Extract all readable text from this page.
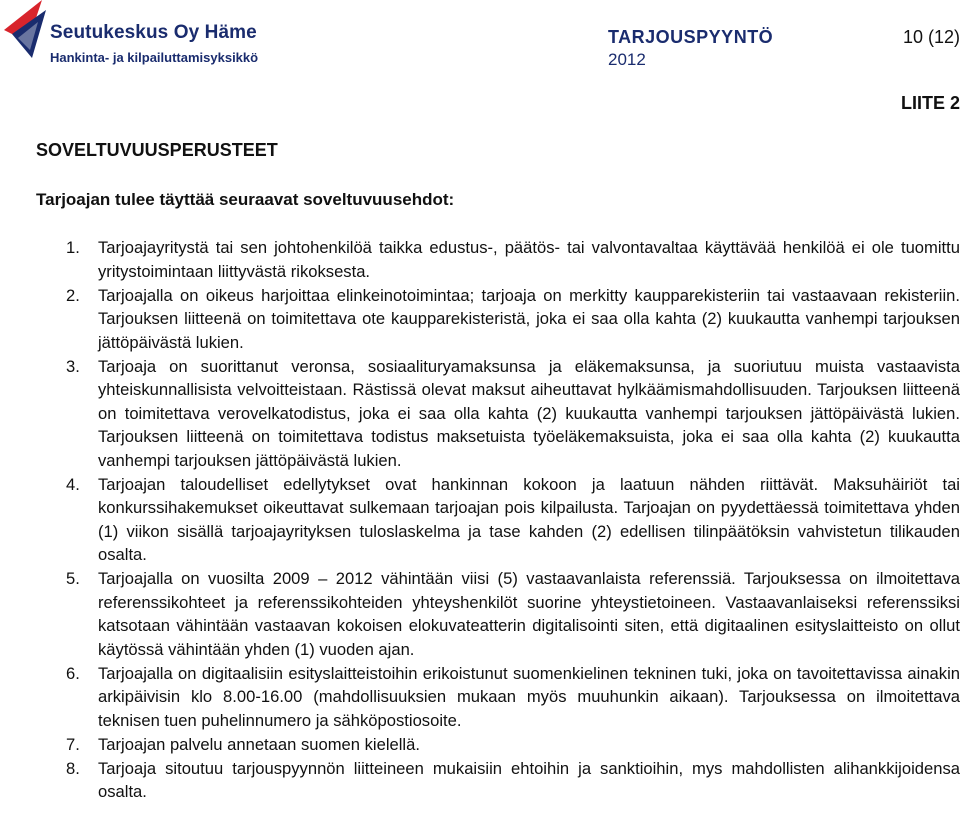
Seutukeskus Oy Häme
Hankinta- ja kilpailuttamisyksikkö
TARJOUSPYYNTÖ
2012
10 (12)
LIITE 2
SOVELTUVUUSPERUSTEET
Tarjoajan tulee täyttää seuraavat soveltuvuusehdot:
1. Tarjoajayritystä tai sen johtohenkilöä taikka edustus-, päätös- tai valvontavaltaa käyttävää henkilöä ei ole tuomittu yritystoimintaan liittyvästä rikoksesta.
2. Tarjoajalla on oikeus harjoittaa elinkeinotoimintaa; tarjoaja on merkitty kaupparekisteriin tai vastaavaan rekisteriin. Tarjouksen liitteenä on toimitettava ote kaupparekisteristä, joka ei saa olla kahta (2) kuukautta vanhempi tarjouksen jättöpäivästä lukien.
3. Tarjoaja on suorittanut veronsa, sosiaalituryamaksunsa ja eläkemaksunsa, ja suoriutuu muista vastaavista yhteiskunnallisista velvoitteistaan. Rästissä olevat maksut aiheuttavat hylkäämismahdollisuuden. Tarjouksen liitteenä on toimitettava verovelkatodistus, joka ei saa olla kahta (2) kuukautta vanhempi tarjouksen jättöpäivästä lukien. Tarjouksen liitteenä on toimitettava todistus maksetuista työeläkemaksuista, joka ei saa olla kahta (2) kuukautta vanhempi tarjouksen jättöpäivästä lukien.
4. Tarjoajan taloudelliset edellytykset ovat hankinnan kokoon ja laatuun nähden riittävät. Maksuhäiriöt tai konkurssihakemukset oikeuttavat sulkemaan tarjoajan pois kilpailusta. Tarjoajan on pyydettäessä toimitettava yhden (1) viikon sisällä tarjoajayrityksen tuloslaskelma ja tase kahden (2) edellisen tilinpäätöksin vahvistetun tilikauden osalta.
5. Tarjoajalla on vuosilta 2009 – 2012 vähintään viisi (5) vastaavanlaista referenssiä. Tarjouksessa on ilmoitettava referenssikohteet ja referenssikohteiden yhteyshenkilöt suorine yhteystietoineen. Vastaavanlaiseksi referenssiksi katsotaan vähintään vastaavan kokoisen elokuvateatterin digitalisointi siten, että digitaalinen esityslaitteisto on ollut käytössä vähintään yhden (1) vuoden ajan.
6. Tarjoajalla on digitaalisiin esityslaitteistoihin erikoistunut suomenkielinen tekninen tuki, joka on tavoitettavissa ainakin arkipäivisin klo 8.00-16.00 (mahdollisuuksien mukaan myös muuhunkin aikaan). Tarjouksessa on ilmoitettava teknisen tuen puhelinnumero ja sähköpostiosoite.
7. Tarjoajan palvelu annetaan suomen kielellä.
8. Tarjoaja sitoutuu tarjouspyynnön liitteineen mukaisiin ehtoihin ja sanktioihin, mys mahdollisten alihankkijoidensa osalta.
